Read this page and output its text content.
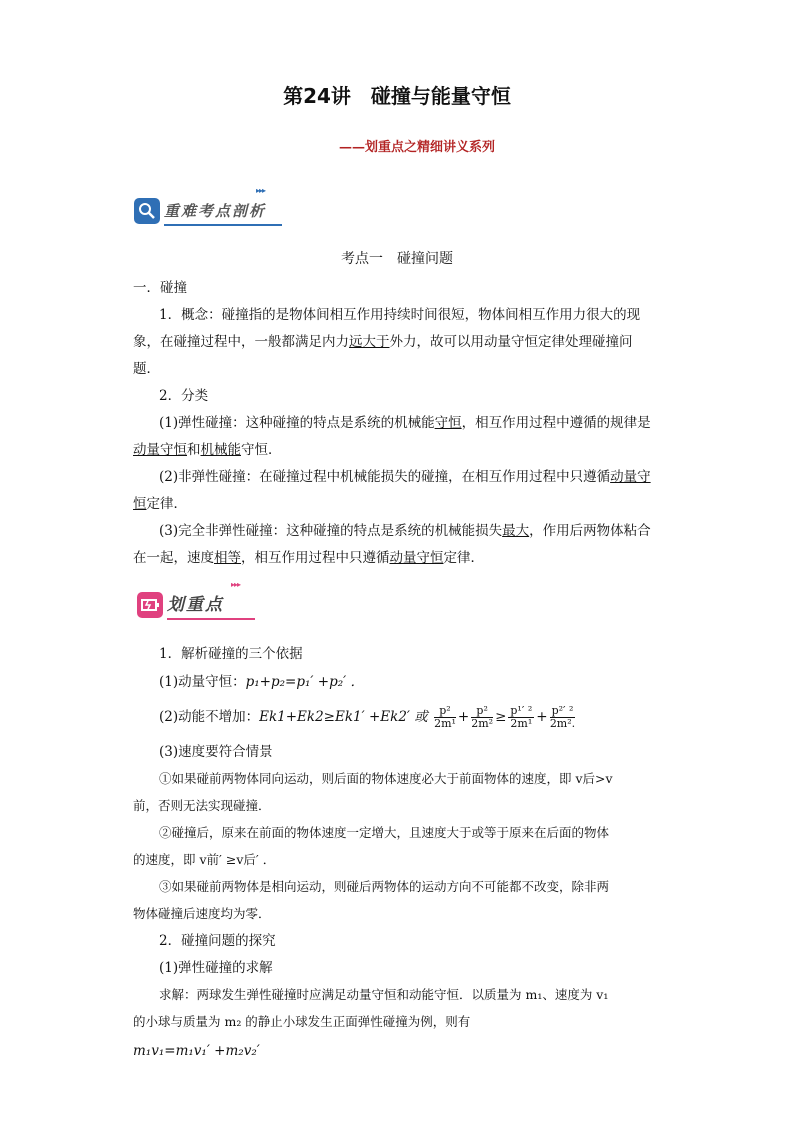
第24讲　碰撞与能量守恒
——划重点之精细讲义系列
重难考点剖析
▸▸▸
考点一　碰撞问题
一．碰撞
1．概念：碰撞指的是物体间相互作用持续时间很短，物体间相互作用力很大的现
象，在碰撞过程中，一般都满足内力远大于外力，故可以用动量守恒定律处理碰撞问
题．
2．分类
(1)弹性碰撞：这种碰撞的特点是系统的机械能守恒，相互作用过程中遵循的规律是
动量守恒和机械能守恒．
(2)非弹性碰撞：在碰撞过程中机械能损失的碰撞，在相互作用过程中只遵循动量守
恒定律．
(3)完全非弹性碰撞：这种碰撞的特点是系统的机械能损失最大，作用后两物体粘合
在一起，速度相等，相互作用过程中只遵循动量守恒定律．
划重点
▸▸▸
1．解析碰撞的三个依据
(1)动量守恒：p₁+p₂=p₁′ +p₂′ ．
(2)动能不增加：Ek1+Ek2≥Ek1′ +Ek2′ 或 $\frac{\text{p²}}{\text{2m¹}} + \frac{\text{p²}}{\text{2m²}} \ge \frac{\text{p¹′ ²}}{\text{2m¹}} + \frac{\text{p²′ ²}}{\text{2m².}}$
(3)速度要符合情景
①如果碰前两物体同向运动，则后面的物体速度必大于前面物体的速度，即 v后>v
前，否则无法实现碰撞．
②碰撞后，原来在前面的物体速度一定增大，且速度大于或等于原来在后面的物体
的速度，即 v前′ ≥v后′ ．
③如果碰前两物体是相向运动，则碰后两物体的运动方向不可能都不改变，除非两
物体碰撞后速度均为零．
2．碰撞问题的探究
(1)弹性碰撞的求解
求解：两球发生弹性碰撞时应满足动量守恒和动能守恒．以质量为 m₁、速度为 v₁
的小球与质量为 m₂ 的静止小球发生正面弹性碰撞为例，则有
m₁v₁=m₁v₁′ +m₂v₂′
